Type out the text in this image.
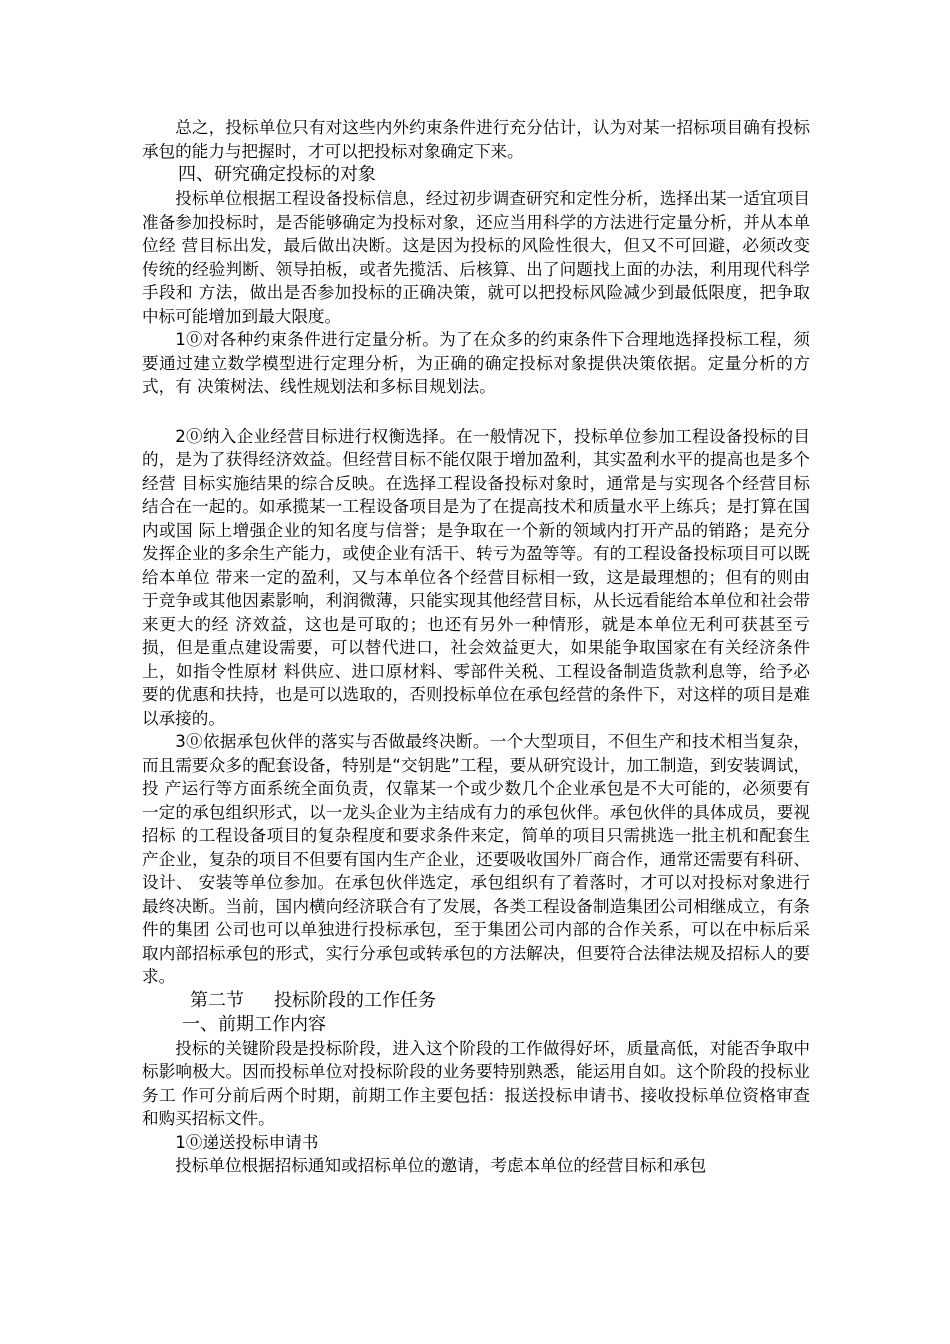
总之，投标单位只有对这些内外约束条件进行充分估计，认为对某一招标项目确有投标承包的能力与把握时，才可以把投标对象确定下来。

四、研究确定投标的对象

投标单位根据工程设备投标信息，经过初步调查研究和定性分析，选择出某一适宜项目准备参加投标时，是否能够确定为投标对象，还应当用科学的方法进行定量分析，并从本单位经 营目标出发，最后做出决断。这是因为投标的风险性很大，但又不可回避，必须改变传统的经验判断、领导拍板，或者先揽活、后核算、出了问题找上面的办法，利用现代科学手段和 方法，做出是否参加投标的正确决策，就可以把投标风险减少到最低限度，把争取中标可能增加到最大限度。

1⓪对各种约束条件进行定量分析。为了在众多的约束条件下合理地选择投标工程，须要通过建立数学模型进行定理分析，为正确的确定投标对象提供决策依据。定量分析的方式，有 决策树法、线性规划法和多标目规划法。

2⓪纳入企业经营目标进行权衡选择。在一般情况下，投标单位参加工程设备投标的目的，是为了获得经济效益。但经营目标不能仅限于增加盈利，其实盈利水平的提高也是多个经营 目标实施结果的综合反映。在选择工程设备投标对象时，通常是与实现各个经营目标结合在一起的。如承揽某一工程设备项目是为了在提高技术和质量水平上练兵；是打算在国内或国 际上增强企业的知名度与信誉；是争取在一个新的领域内打开产品的销路；是充分发挥企业的多余生产能力，或使企业有活干、转亏为盈等等。有的工程设备投标项目可以既给本单位 带来一定的盈利，又与本单位各个经营目标相一致，这是最理想的；但有的则由于竞争或其他因素影响，利润微薄，只能实现其他经营目标，从长远看能给本单位和社会带来更大的经 济效益，这也是可取的；也还有另外一种情形，就是本单位无利可获甚至亏损，但是重点建设需要，可以替代进口，社会效益更大，如果能争取国家在有关经济条件上，如指令性原材 料供应、进口原材料、零部件关税、工程设备制造货款利息等，给予必要的优惠和扶持，也是可以选取的，否则投标单位在承包经营的条件下，对这样的项目是难以承接的。

3⓪依据承包伙伴的落实与否做最终决断。一个大型项目，不但生产和技术相当复杂，而且需要众多的配套设备，特别是“交钥匙”工程，要从研究设计，加工制造，到安装调试，投 产运行等方面系统全面负责，仅靠某一个或少数几个企业承包是不大可能的，必须要有一定的承包组织形式，以一龙头企业为主结成有力的承包伙伴。承包伙伴的具体成员，要视招标 的工程设备项目的复杂程度和要求条件来定，简单的项目只需挑选一批主机和配套生产企业，复杂的项目不但要有国内生产企业，还要吸收国外厂商合作，通常还需要有科研、设计、 安装等单位参加。在承包伙伴选定，承包组织有了着落时，才可以对投标对象进行最终决断。当前，国内横向经济联合有了发展，各类工程设备制造集团公司相继成立，有条件的集团 公司也可以单独进行投标承包，至于集团公司内部的合作关系，可以在中标后采取内部招标承包的形式，实行分承包或转承包的方法解决，但要符合法律法规及招标人的要求。

第二节 投标阶段的工作任务

一、前期工作内容

投标的关键阶段是投标阶段，进入这个阶段的工作做得好坏，质量高低，对能否争取中标影响极大。因而投标单位对投标阶段的业务要特别熟悉，能运用自如。这个阶段的投标业务工 作可分前后两个时期，前期工作主要包括：报送投标申请书、接收投标单位资格审查和购买招标文件。

1⓪递送投标申请书

投标单位根据招标通知或招标单位的邀请，考虑本单位的经营目标和承包
